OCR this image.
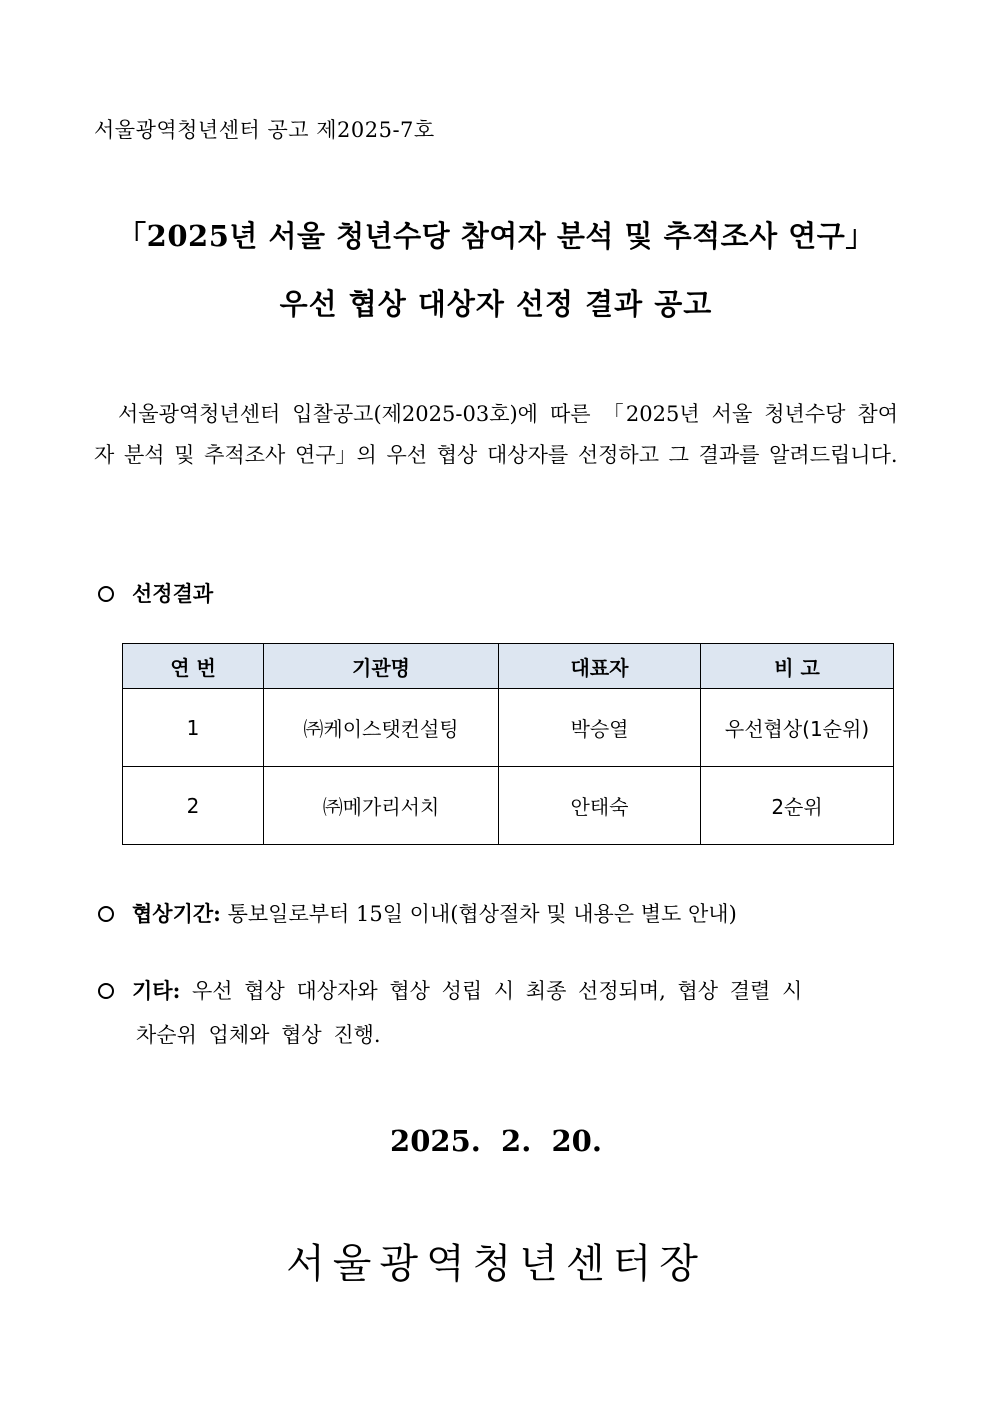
서울광역청년센터 공고 제2025-7호
「2025년 서울 청년수당 참여자 분석 및 추적조사 연구」
우선 협상 대상자 선정 결과 공고
서울광역청년센터 입찰공고(제2025-03호)에 따른 「2025년 서울 청년수당 참여자 분석 및 추적조사 연구」의 우선 협상 대상자를 선정하고 그 결과를 알려드립니다.
선정결과
연 번	기관명	대표자	비 고
1	㈜케이스탯컨설팅	박승열	우선협상(1순위)
2	㈜메가리서치	안태숙	2순위
협상기간: 통보일로부터 15일 이내(협상절차 및 내용은 별도 안내)
기타: 우선 협상 대상자와 협상 성립 시 최종 선정되며, 협상 결렬 시
차순위 업체와 협상 진행.
2025.  2.  20.
서울광역청년센터장
